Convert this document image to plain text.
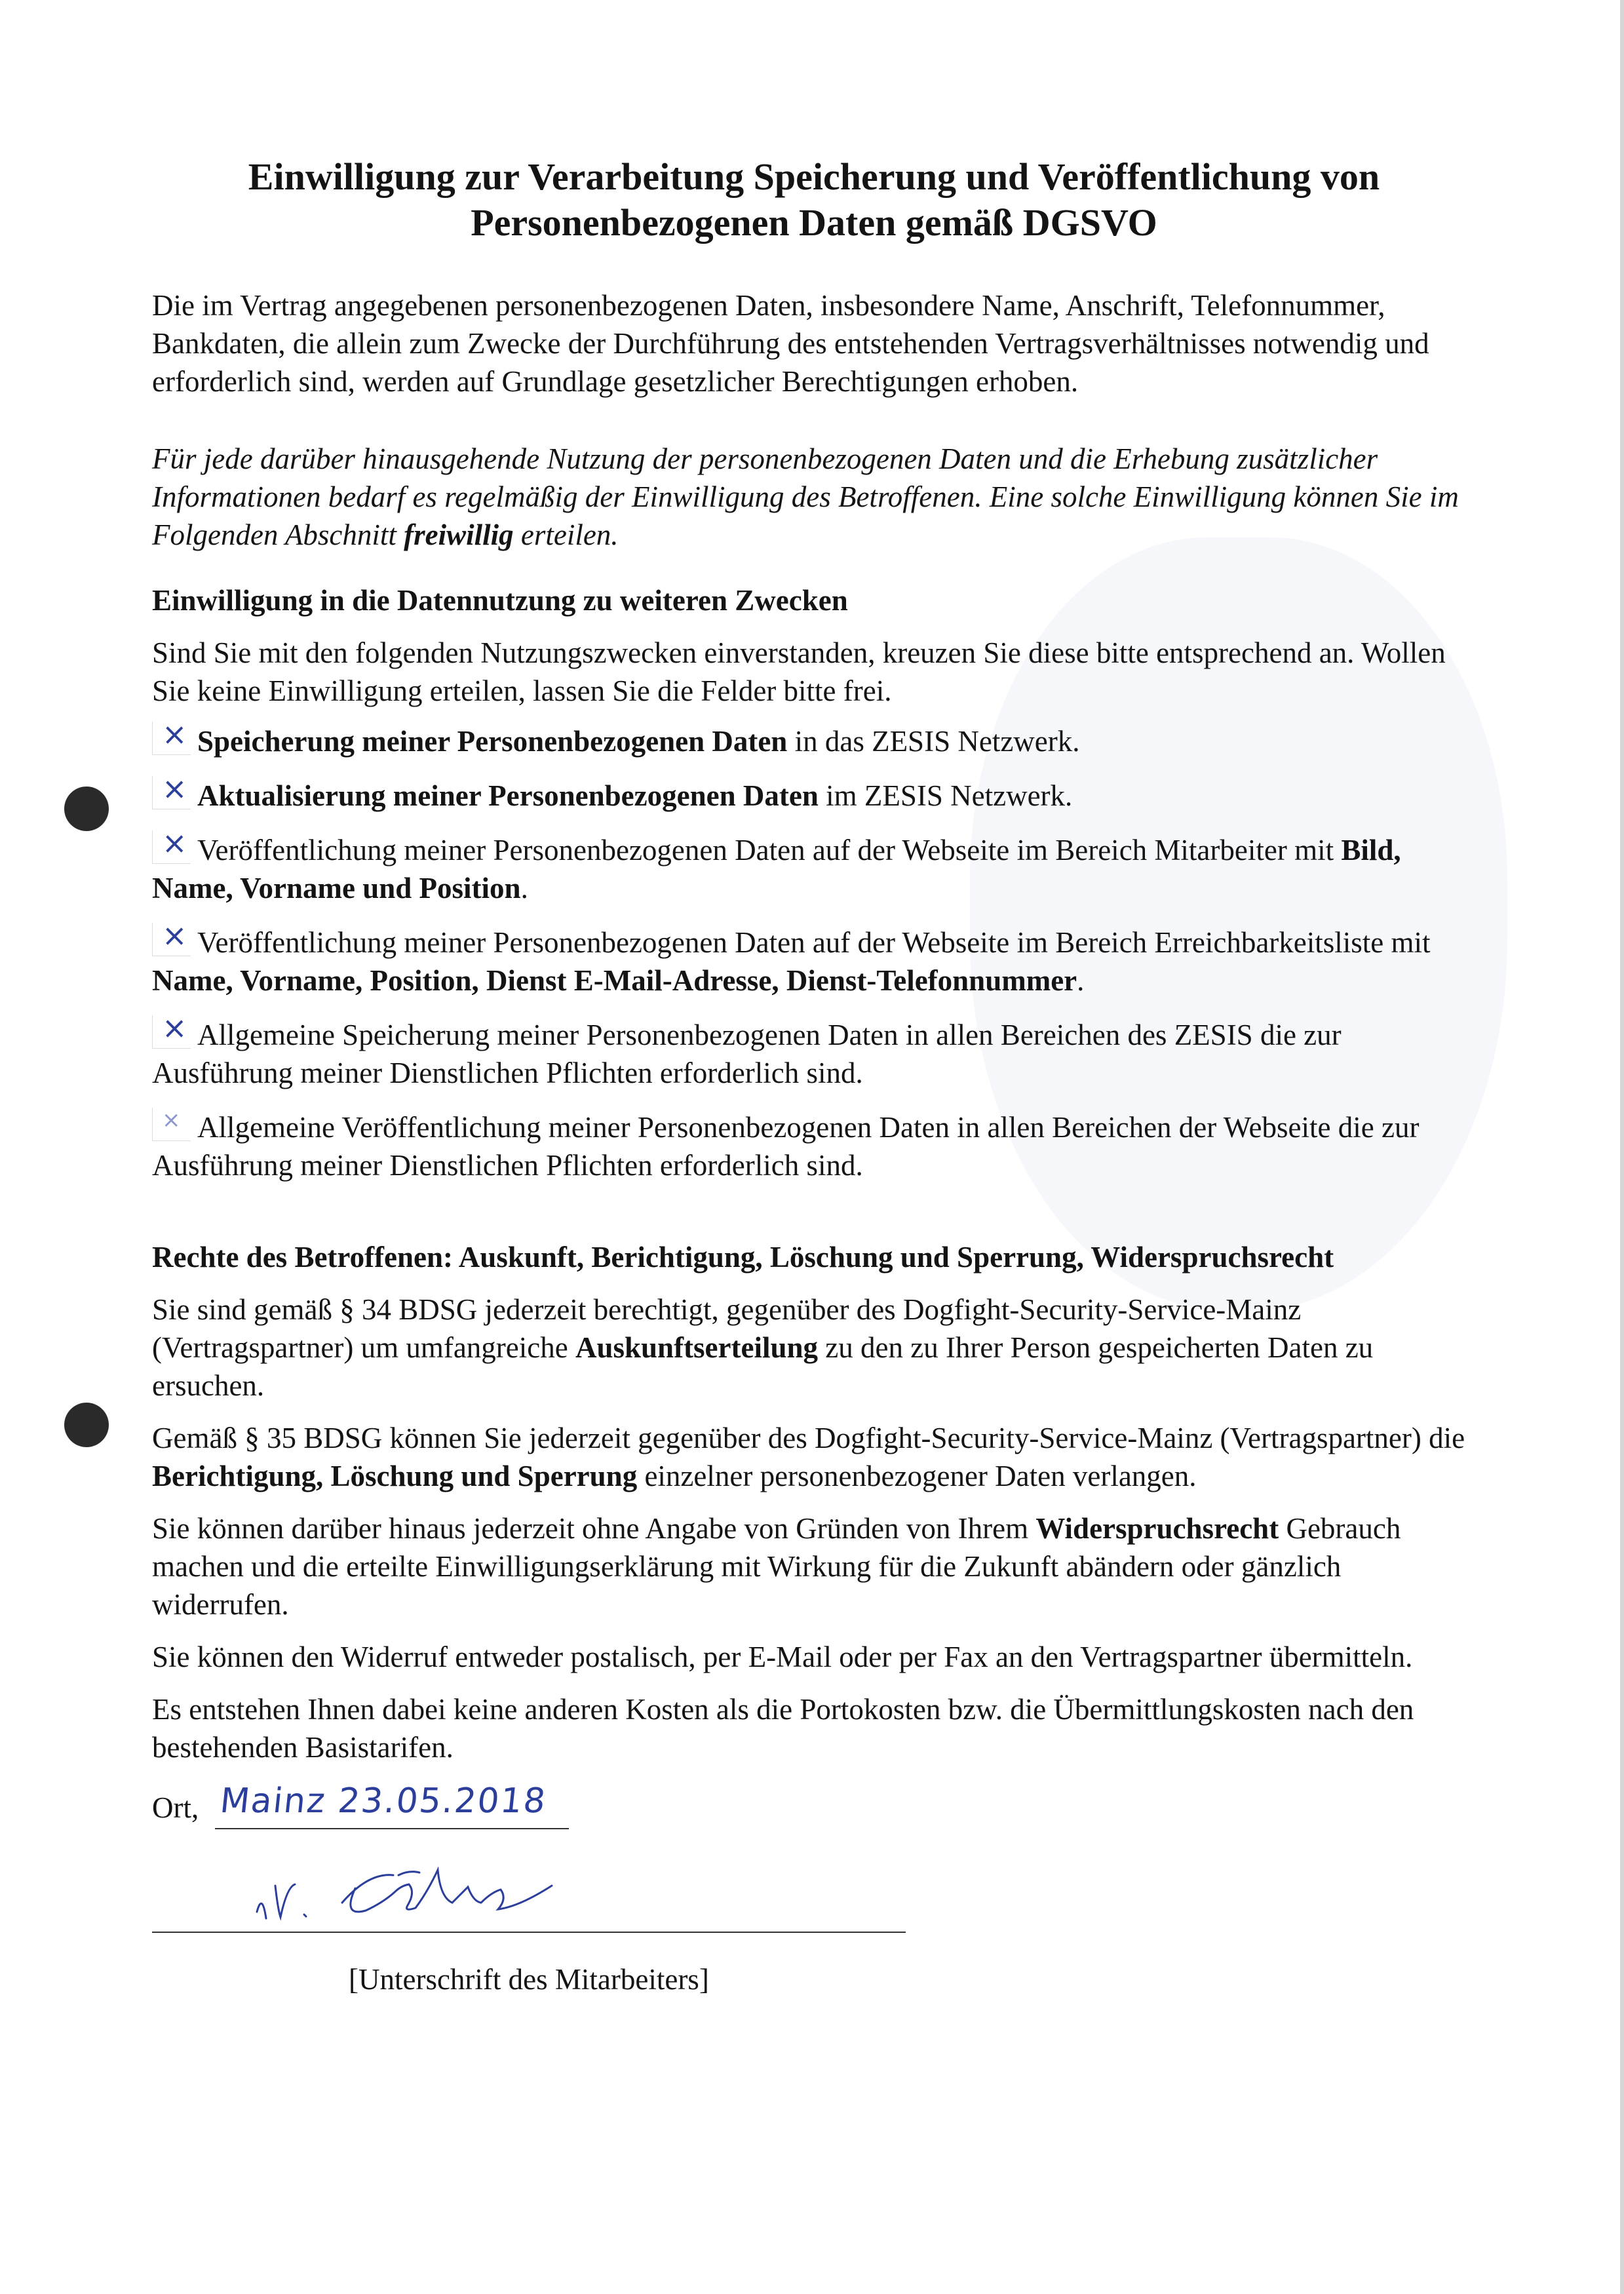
Einwilligung zur Verarbeitung Speicherung und Veröffentlichung von Personenbezogenen Daten gemäß DGSVO

Die im Vertrag angegebenen personenbezogenen Daten, insbesondere Name, Anschrift, Telefonnummer, Bankdaten, die allein zum Zwecke der Durchführung des entstehenden Vertragsverhältnisses notwendig und erforderlich sind, werden auf Grundlage gesetzlicher Berechtigungen erhoben.

Für jede darüber hinausgehende Nutzung der personenbezogenen Daten und die Erhebung zusätzlicher Informationen bedarf es regelmäßig der Einwilligung des Betroffenen. Eine solche Einwilligung können Sie im Folgenden Abschnitt freiwillig erteilen.

Einwilligung in die Datennutzung zu weiteren Zwecken

Sind Sie mit den folgenden Nutzungszwecken einverstanden, kreuzen Sie diese bitte entsprechend an. Wollen Sie keine Einwilligung erteilen, lassen Sie die Felder bitte frei.

× Speicherung meiner Personenbezogenen Daten in das ZESIS Netzwerk.

× Aktualisierung meiner Personenbezogenen Daten im ZESIS Netzwerk.

× Veröffentlichung meiner Personenbezogenen Daten auf der Webseite im Bereich Mitarbeiter mit Bild, Name, Vorname und Position.

× Veröffentlichung meiner Personenbezogenen Daten auf der Webseite im Bereich Erreichbarkeitsliste mit Name, Vorname, Position, Dienst E-Mail-Adresse, Dienst-Telefonnummer.

× Allgemeine Speicherung meiner Personenbezogenen Daten in allen Bereichen des ZESIS die zur Ausführung meiner Dienstlichen Pflichten erforderlich sind.

× Allgemeine Veröffentlichung meiner Personenbezogenen Daten in allen Bereichen der Webseite die zur Ausführung meiner Dienstlichen Pflichten erforderlich sind.

Rechte des Betroffenen: Auskunft, Berichtigung, Löschung und Sperrung, Widerspruchsrecht

Sie sind gemäß § 34 BDSG jederzeit berechtigt, gegenüber des Dogfight-Security-Service-Mainz (Vertragspartner) um umfangreiche Auskunftserteilung zu den zu Ihrer Person gespeicherten Daten zu ersuchen.

Gemäß § 35 BDSG können Sie jederzeit gegenüber des Dogfight-Security-Service-Mainz (Vertragspartner) die Berichtigung, Löschung und Sperrung einzelner personenbezogener Daten verlangen.

Sie können darüber hinaus jederzeit ohne Angabe von Gründen von Ihrem Widerspruchsrecht Gebrauch machen und die erteilte Einwilligungserklärung mit Wirkung für die Zukunft abändern oder gänzlich widerrufen.

Sie können den Widerruf entweder postalisch, per E-Mail oder per Fax an den Vertragspartner übermitteln.

Es entstehen Ihnen dabei keine anderen Kosten als die Portokosten bzw. die Übermittlungskosten nach den bestehenden Basistarifen.

Ort, Mainz 23.05.2018

[Unterschrift des Mitarbeiters]
